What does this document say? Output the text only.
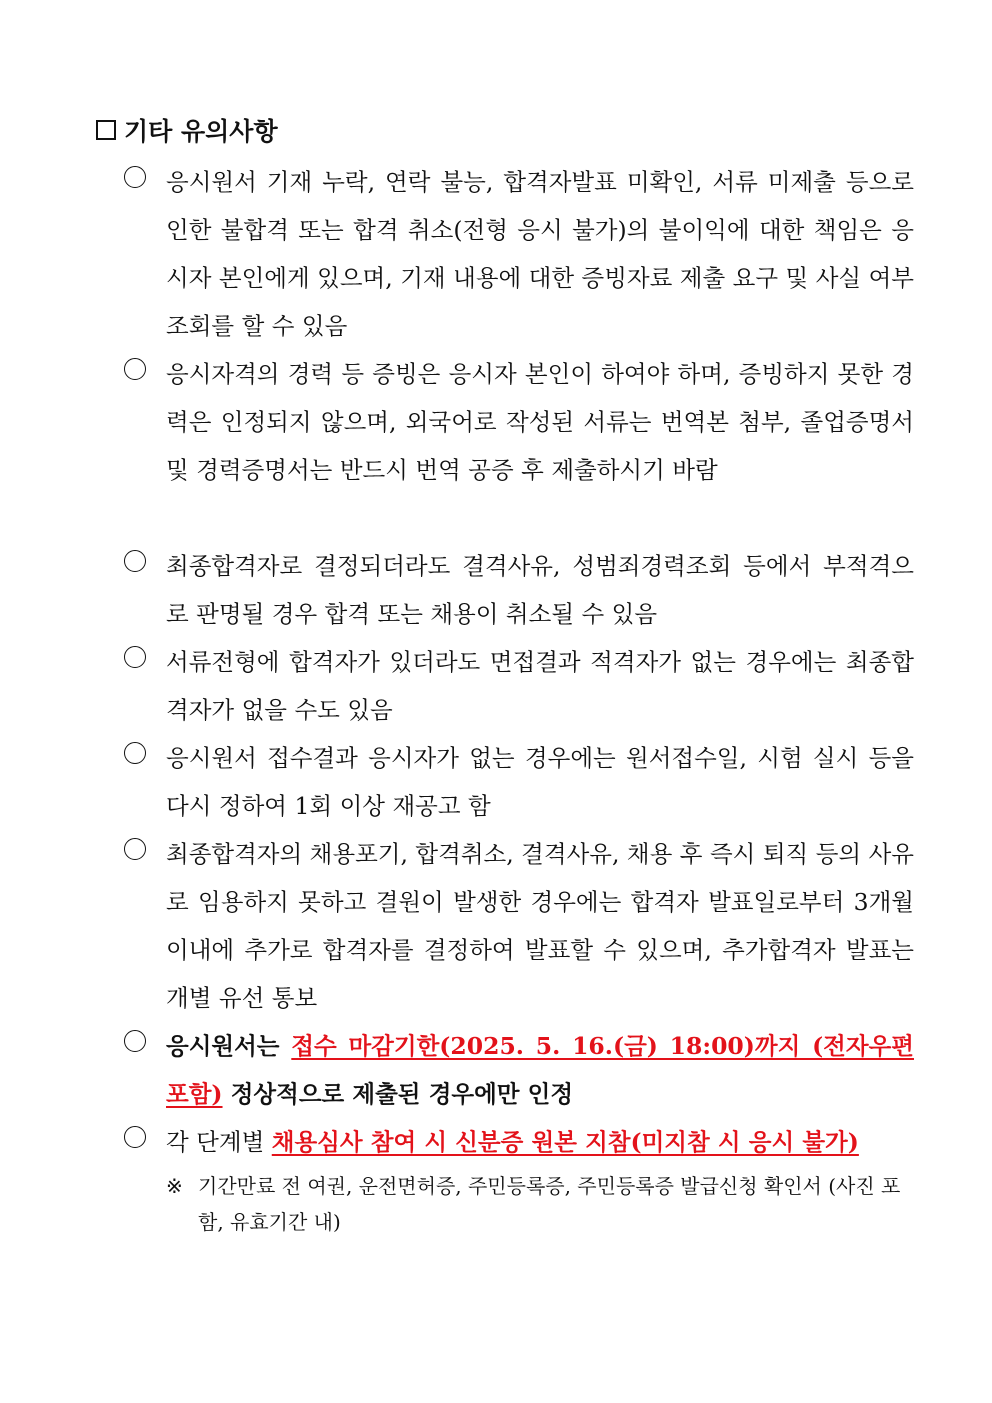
기타 유의사항
응시원서 기재 누락, 연락 불능, 합격자발표 미확인, 서류 미제출 등으로 인한 불합격 또는 합격 취소(전형 응시 불가)의 불이익에 대한 책임은 응시자 본인에게 있으며, 기재 내용에 대한 증빙자료 제출 요구 및 사실 여부 조회를 할 수 있음
응시자격의 경력 등 증빙은 응시자 본인이 하여야 하며, 증빙하지 못한 경력은 인정되지 않으며, 외국어로 작성된 서류는 번역본 첨부, 졸업증명서 및 경력증명서는 반드시 번역 공증 후 제출하시기 바람
최종합격자로 결정되더라도 결격사유, 성범죄경력조회 등에서 부적격으로 판명될 경우 합격 또는 채용이 취소될 수 있음
서류전형에 합격자가 있더라도 면접결과 적격자가 없는 경우에는 최종합격자가 없을 수도 있음
응시원서 접수결과 응시자가 없는 경우에는 원서접수일, 시험 실시 등을 다시 정하여 1회 이상 재공고 함
최종합격자의 채용포기, 합격취소, 결격사유, 채용 후 즉시 퇴직 등의 사유로 임용하지 못하고 결원이 발생한 경우에는 합격자 발표일로부터 3개월 이내에 추가로 합격자를 결정하여 발표할 수 있으며, 추가합격자 발표는 개별 유선 통보
응시원서는 접수 마감기한(2025. 5. 16.(금) 18:00)까지 (전자우편 포함) 정상적으로 제출된 경우에만 인정
각 단계별 채용심사 참여 시 신분증 원본 지참(미지참 시 응시 불가)
※ 기간만료 전 여권, 운전면허증, 주민등록증, 주민등록증 발급신청 확인서 (사진 포함, 유효기간 내)
